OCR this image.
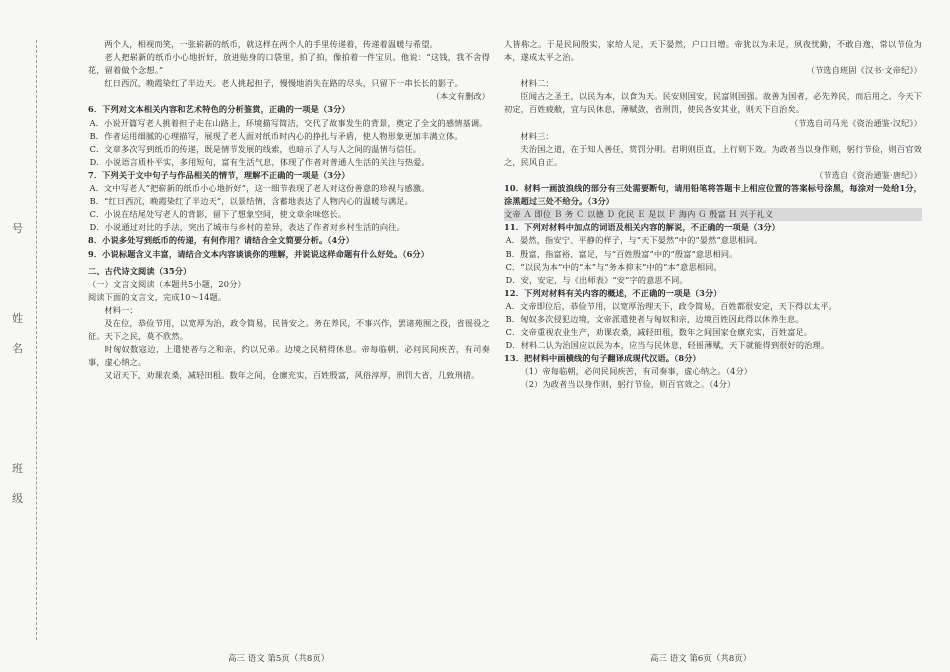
号
姓
名
班
级

两个人，相视而笑，一张崭新的纸币，就这样在两个人的手里传递着，传递着温暖与希望。

老人把崭新的纸币小心地折好，放进贴身的口袋里，拍了拍，像拍着一件宝贝。他说：“这钱，我不舍得花，留着做个念想。”

红日西沉，晚霞染红了半边天。老人挑起担子，慢慢地消失在路的尽头，只留下一串长长的影子。

（本文有删改）

6．下列对文本相关内容和艺术特色的分析鉴赏，正确的一项是（3分）

A．小说开篇写老人挑着担子走在山路上，环境描写简洁，交代了故事发生的背景，奠定了全文的感情基调。

B．作者运用细腻的心理描写，展现了老人面对纸币时内心的挣扎与矛盾，使人物形象更加丰满立体。

C．文章多次写到纸币的传递，既是情节发展的线索，也暗示了人与人之间的温情与信任。

D．小说语言质朴平实，多用短句，富有生活气息，体现了作者对普通人生活的关注与热爱。

7．下列关于文中句子与作品相关的情节，理解不正确的一项是（3分）

A．文中写老人“把崭新的纸币小心地折好”，这一细节表现了老人对这份善意的珍视与感激。

B．“红日西沉，晚霞染红了半边天”，以景结情，含蓄地表达了人物内心的温暖与满足。

C．小说在结尾处写老人的背影，留下了想象空间，使文章余味悠长。

D．小说通过对比的手法，突出了城市与乡村的差异，表达了作者对乡村生活的向往。

8．小说多处写到纸币的传递，有何作用？请结合全文简要分析。（4分）

9．小说标题含义丰富，请结合文本内容谈谈你的理解，并说说这样命题有什么好处。（6分）

二、古代诗文阅读（35分）

（一）文言文阅读（本题共5小题，20分）

阅读下面的文言文，完成10～14题。

材料一：

及在位，恭俭节用，以宽厚为治，政令简易，民皆安之。务在养民，不事兴作，罢诸苑囿之役，省徭役之征。天下之民，莫不欣然。

时匈奴数寇边，上遣使者与之和亲，约以兄弟。边境之民稍得休息。帝每临朝，必问民间疾苦，有司奏事，虚心纳之。

又诏天下，劝课农桑，减轻田租。数年之间，仓廪充实，百姓殷富，风俗淳厚，刑罚大省，几致刑措。

人皆称之。于是民间殷实，家给人足，天下晏然，户口日增。帝犹以为未足，夙夜忧勤，不敢自逸，常以节俭为本，遂成太平之治。

（节选自班固《汉书·文帝纪》）

材料二：

臣闻古之圣王，以民为本，以食为天。民安则国安，民富则国强。故善为国者，必先养民，而后用之。今天下初定，百姓疲敝，宜与民休息，薄赋敛，省刑罚，使民各安其业，则天下自治矣。

（节选自司马光《资治通鉴·汉纪》）

材料三：

夫治国之道，在于知人善任，赏罚分明。君明则臣直，上行则下效。为政者当以身作则，躬行节俭，则百官效之，民风自正。

（节选自《资治通鉴·唐纪》）

10．材料一画波浪线的部分有三处需要断句，请用铅笔将答题卡上相应位置的答案标号涂黑，每涂对一处给1分，涂黑超过三处不给分。（3分）

文帝 Ａ 即位 Ｂ 务 Ｃ 以德 Ｄ 化民 Ｅ 是以 Ｆ 海内 Ｇ 殷富 Ｈ 兴于礼义

11．下列对材料中加点的词语及相关内容的解说，不正确的一项是（3分）

A．晏然，指安宁、平静的样子，与“天下晏然”中的“晏然”意思相同。

B．殷富，指富裕、富足，与“百姓殷富”中的“殷富”意思相同。

C．“以民为本”中的“本”与“务本抑末”中的“本”意思相同。

D．安，安定，与《出师表》“安”字的意思不同。

12．下列对材料有关内容的概述，不正确的一项是（3分）

A．文帝即位后，恭俭节用，以宽厚治理天下，政令简易，百姓都很安定，天下得以太平。

B．匈奴多次侵犯边境，文帝派遣使者与匈奴和亲，边境百姓因此得以休养生息。

C．文帝重视农业生产，劝课农桑，减轻田租，数年之间国家仓廪充实，百姓富足。

D．材料二认为治国应以民为本，应当与民休息，轻徭薄赋，天下就能得到很好的治理。

13．把材料中画横线的句子翻译成现代汉语。（8分）

（1）帝每临朝，必问民间疾苦，有司奏事，虚心纳之。（4分）

（2）为政者当以身作则，躬行节俭，则百官效之。（4分）

高三 语文 第5页（共8页）	高三 语文 第6页（共8页）
